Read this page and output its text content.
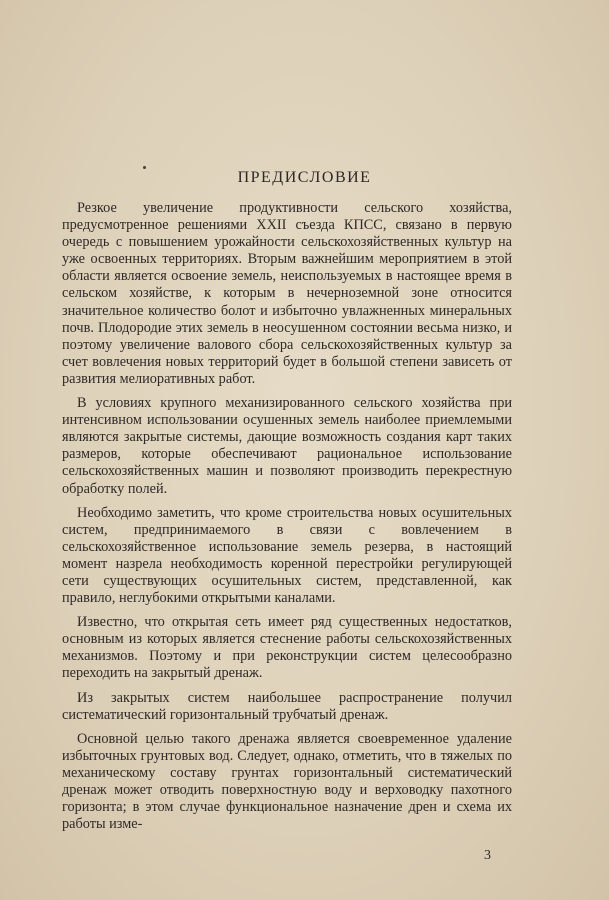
ПРЕДИСЛОВИЕ

Резкое увеличение продуктивности сельского хозяйства, предусмотренное решениями XXII съезда КПСС, связано в первую очередь с повышением урожайности сельскохозяйственных культур на уже освоенных территориях. Вторым важнейшим мероприятием в этой области является освоение земель, неиспользуемых в настоящее время в сельском хозяйстве, к которым в нечерноземной зоне относится значительное количество болот и избыточно увлажненных минеральных почв. Плодородие этих земель в неосушенном состоянии весьма низко, и поэтому увеличение валового сбора сельскохозяйственных культур за счет вовлечения новых территорий будет в большой степени зависеть от развития мелиоративных работ.

В условиях крупного механизированного сельского хозяйства при интенсивном использовании осушенных земель наиболее приемлемыми являются закрытые системы, дающие возможность создания карт таких размеров, которые обеспечивают рациональное использование сельскохозяйственных машин и позволяют производить перекрестную обработку полей.

Необходимо заметить, что кроме строительства новых осушительных систем, предпринимаемого в связи с вовлечением в сельскохозяйственное использование земель резерва, в настоящий момент назрела необходимость коренной перестройки регулирующей сети существующих осушительных систем, представленной, как правило, неглубокими открытыми каналами.

Известно, что открытая сеть имеет ряд существенных недостатков, основным из которых является стеснение работы сельскохозяйственных механизмов. Поэтому и при реконструкции систем целесообразно переходить на закрытый дренаж.

Из закрытых систем наибольшее распространение получил систематический горизонтальный трубчатый дренаж.

Основной целью такого дренажа является своевременное удаление избыточных грунтовых вод. Следует, однако, отметить, что в тяжелых по механическому составу грунтах горизонтальный систематический дренаж может отводить поверхностную воду и верховодку пахотного горизонта; в этом случае функциональное назначение дрен и схема их работы изме-

3
